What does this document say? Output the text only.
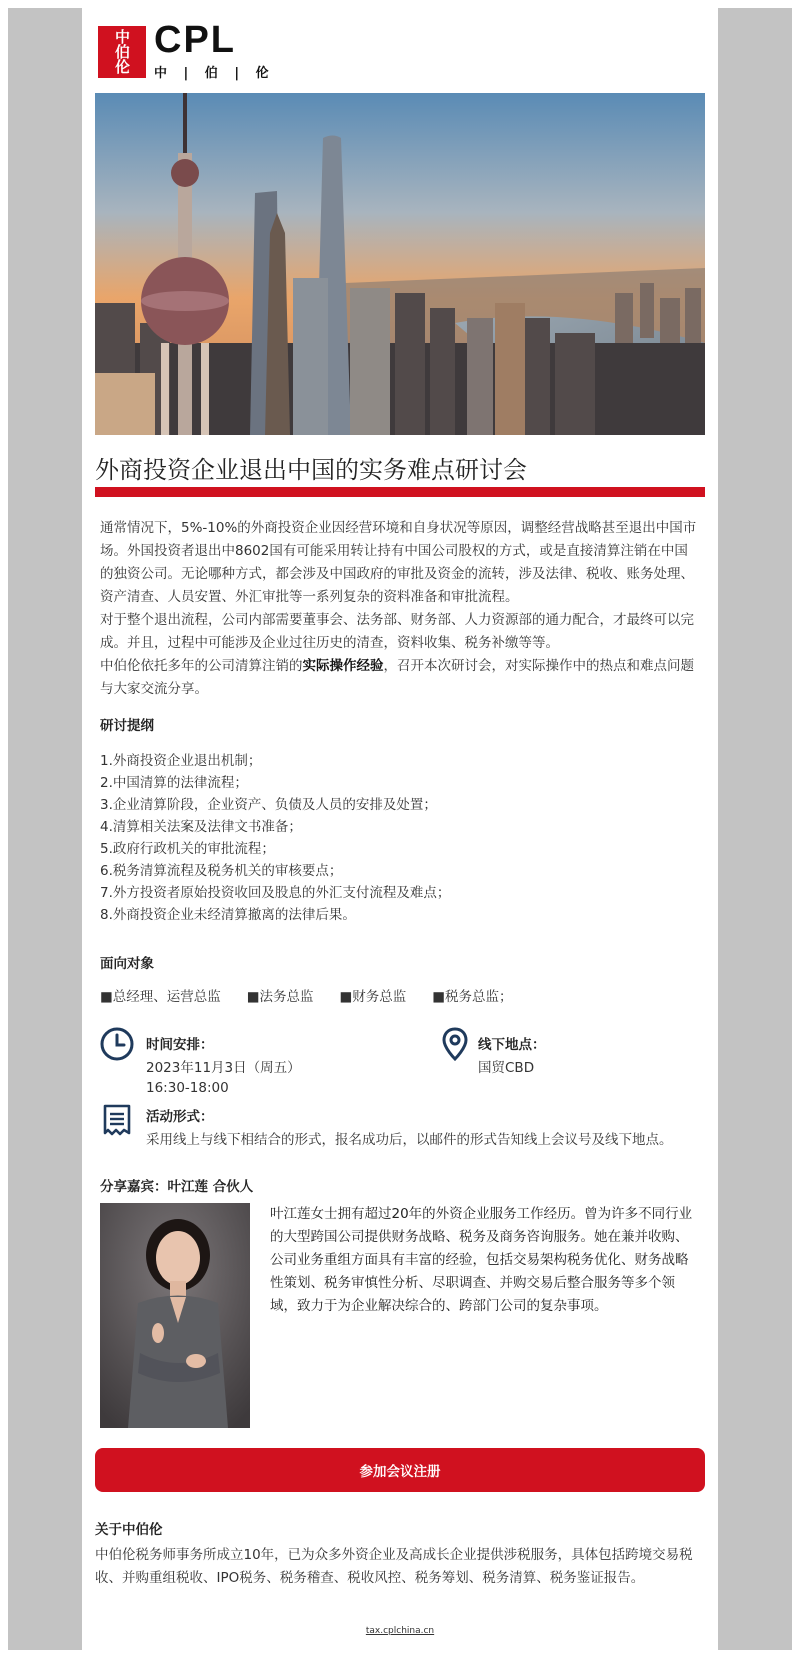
中伯伦 CPL
中 | 伯 | 伦
外商投资企业退出中国的实务难点研讨会

通常情况下，5%-10%的外商投资企业因经营环境和自身状况等原因，调整经营战略甚至退出中国市场。外国投资者退出中8602国有可能采用转让持有中国公司股权的方式，或是直接清算注销在中国的独资公司。无论哪种方式，都会涉及中国政府的审批及资金的流转，涉及法律、税收、账务处理、资产清查、人员安置、外汇审批等一系列复杂的资料准备和审批流程。

对于整个退出流程，公司内部需要董事会、法务部、财务部、人力资源部的通力配合，才最终可以完成。并且，过程中可能涉及企业过往历史的清查，资料收集、税务补缴等等。

中伯伦依托多年的公司清算注销的实际操作经验，召开本次研讨会，对实际操作中的热点和难点问题与大家交流分享。

研讨提纲
1.外商投资企业退出机制；
2.中国清算的法律流程；
3.企业清算阶段，企业资产、负债及人员的安排及处置；
4.清算相关法案及法律文书准备；
5.政府行政机关的审批流程；
6.税务清算流程及税务机关的审核要点；
7.外方投资者原始投资收回及股息的外汇支付流程及难点；
8.外商投资企业未经清算撤离的法律后果。
面向对象
■总经理、运营总监 ■法务总监 ■财务总监 ■税务总监；
时间安排：
2023年11月3日（周五）
16:30-18:00
线下地点：
国贸CBD
活动形式：
采用线上与线下相结合的形式，报名成功后，以邮件的形式告知线上会议号及线下地点。
分享嘉宾：叶江莲 合伙人
叶江莲女士拥有超过20年的外资企业服务工作经历。曾为许多不同行业的大型跨国公司提供财务战略、税务及商务咨询服务。她在兼并收购、公司业务重组方面具有丰富的经验，包括交易架构税务优化、财务战略性策划、税务审慎性分析、尽职调查、并购交易后整合服务等多个领域，致力于为企业解决综合的、跨部门公司的复杂事项。
参加会议注册
关于中伯伦
中伯伦税务师事务所成立10年，已为众多外资企业及高成长企业提供涉税服务，具体包括跨境交易税收、并购重组税收、IPO税务、税务稽查、税收风控、税务筹划、税务清算、税务鉴证报告。
tax.cplchina.cn
